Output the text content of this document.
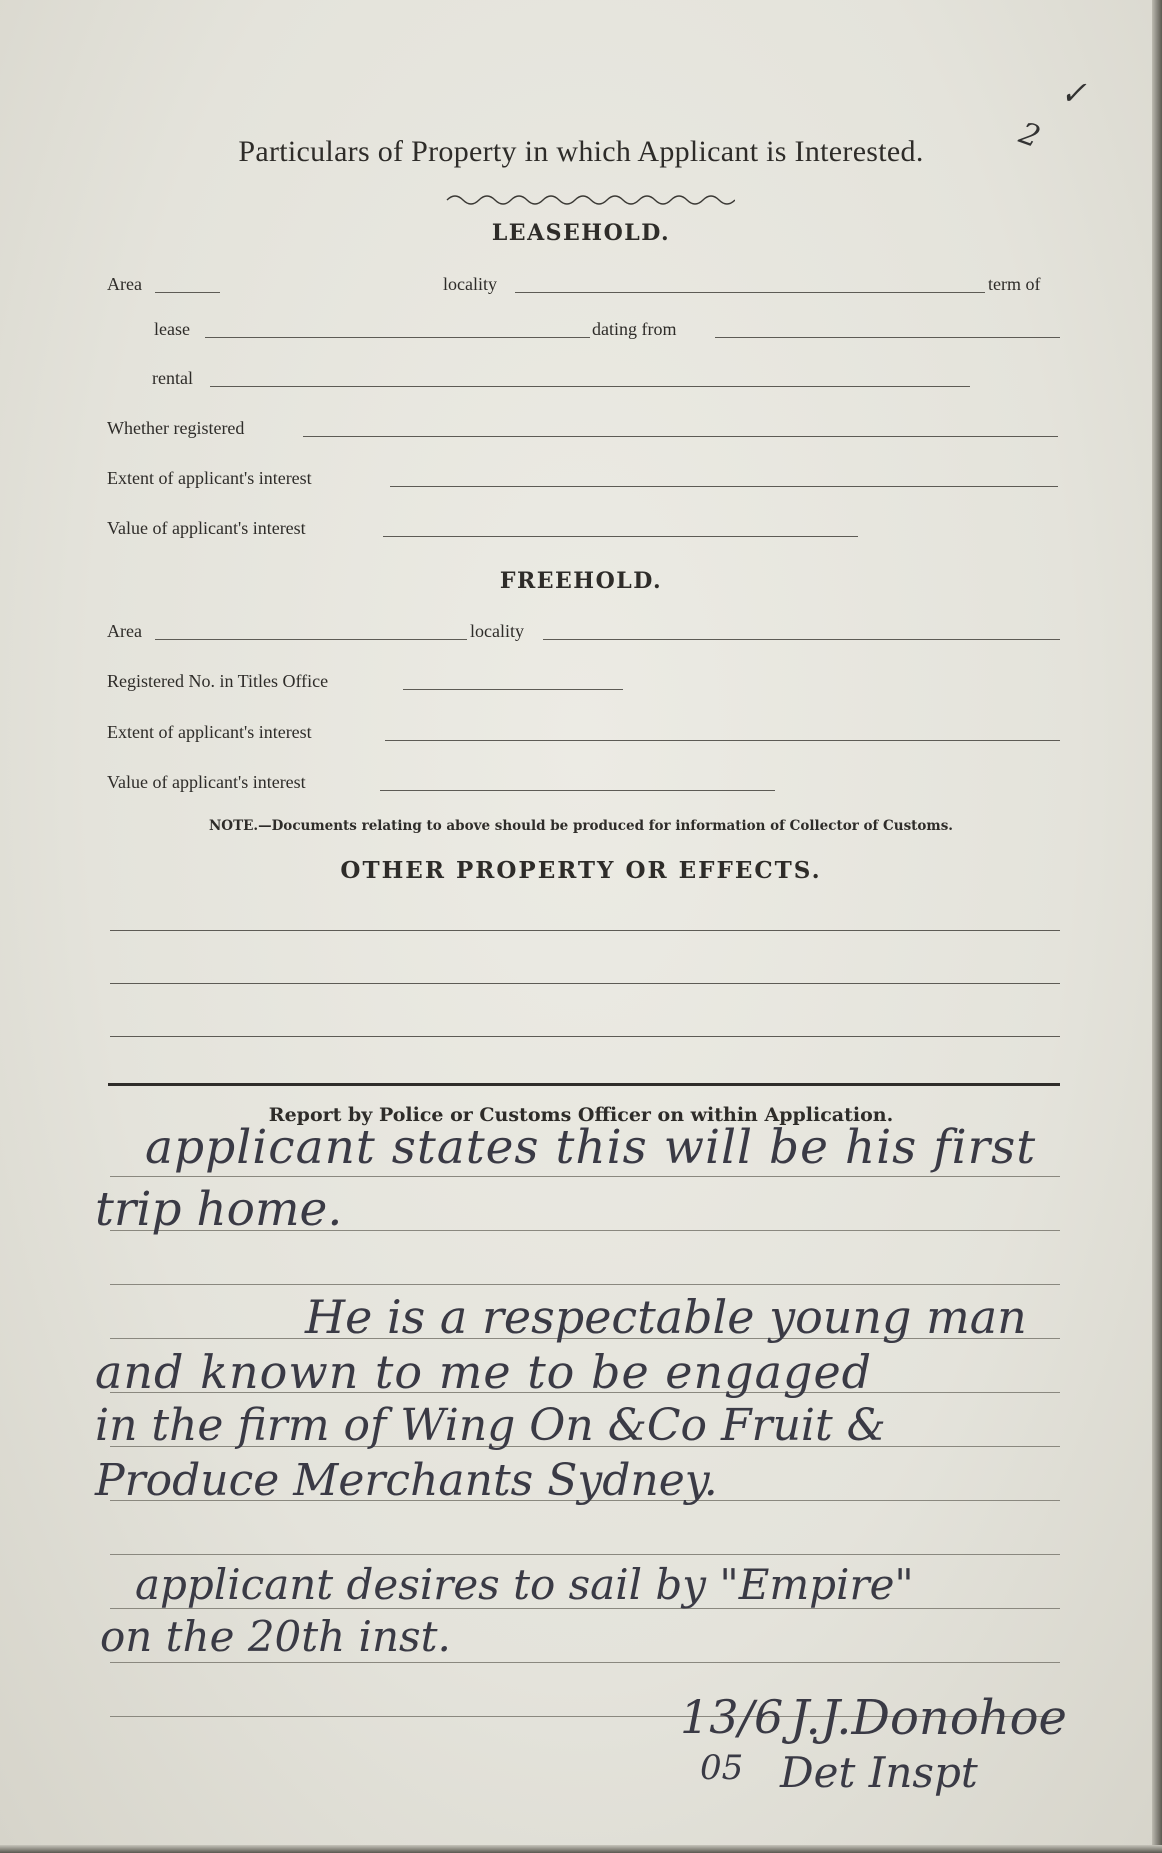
✓
2
Particulars of Property in which Applicant is Interested.
LEASEHOLD.
Area	locality	term of
lease	dating from
rental
Whether registered
Extent of applicant's interest
Value of applicant's interest
FREEHOLD.
Area	locality
Registered No. in Titles Office
Extent of applicant's interest
Value of applicant's interest
NOTE.—Documents relating to above should be produced for information of Collector of Customs.
OTHER PROPERTY OR EFFECTS.
Report by Police or Customs Officer on within Application.
applicant states this will be his first
trip home.
He is a respectable young man
and known to me to be engaged
in the firm of Wing On &Co Fruit &
Produce Merchants Sydney.
applicant desires to sail by "Empire"
on the 20th inst.
13/6
05
J.J.Donohoe
Det Inspt
